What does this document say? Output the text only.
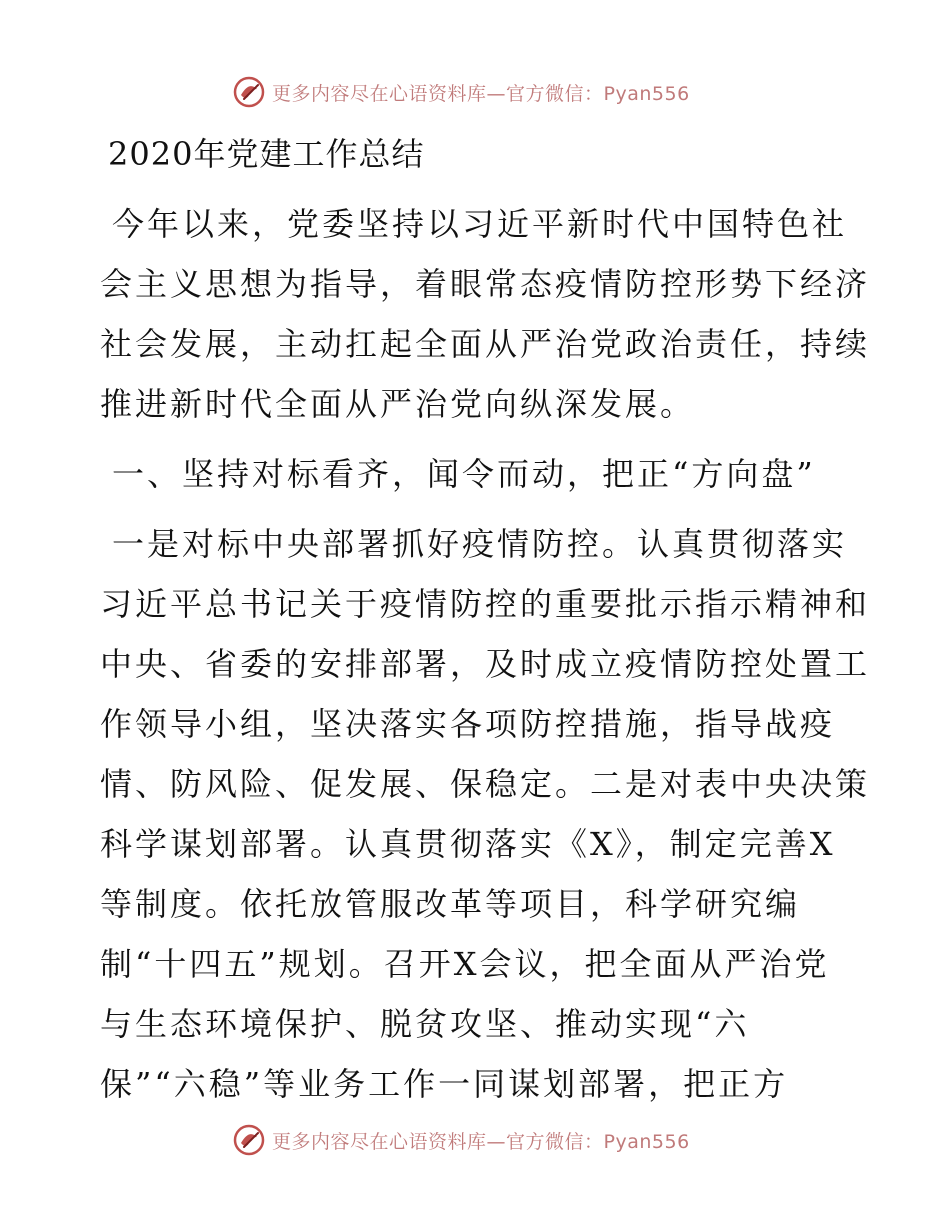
更多内容尽在心语资料库—官方微信：Pyan556
2020年党建工作总结
今年以来，党委坚持以习近平新时代中国特色社
会主义思想为指导，着眼常态疫情防控形势下经济
社会发展，主动扛起全面从严治党政治责任，持续
推进新时代全面从严治党向纵深发展。
一、坚持对标看齐，闻令而动，把正“方向盘”
一是对标中央部署抓好疫情防控。认真贯彻落实
习近平总书记关于疫情防控的重要批示指示精神和
中央、省委的安排部署，及时成立疫情防控处置工
作领导小组，坚决落实各项防控措施，指导战疫
情、防风险、促发展、保稳定。二是对表中央决策
科学谋划部署。认真贯彻落实《X》，制定完善X
等制度。依托放管服改革等项目，科学研究编
制“十四五”规划。召开X会议，把全面从严治党
与生态环境保护、脱贫攻坚、推动实现“六
保”“六稳”等业务工作一同谋划部署，把正方
更多内容尽在心语资料库—官方微信：Pyan556
